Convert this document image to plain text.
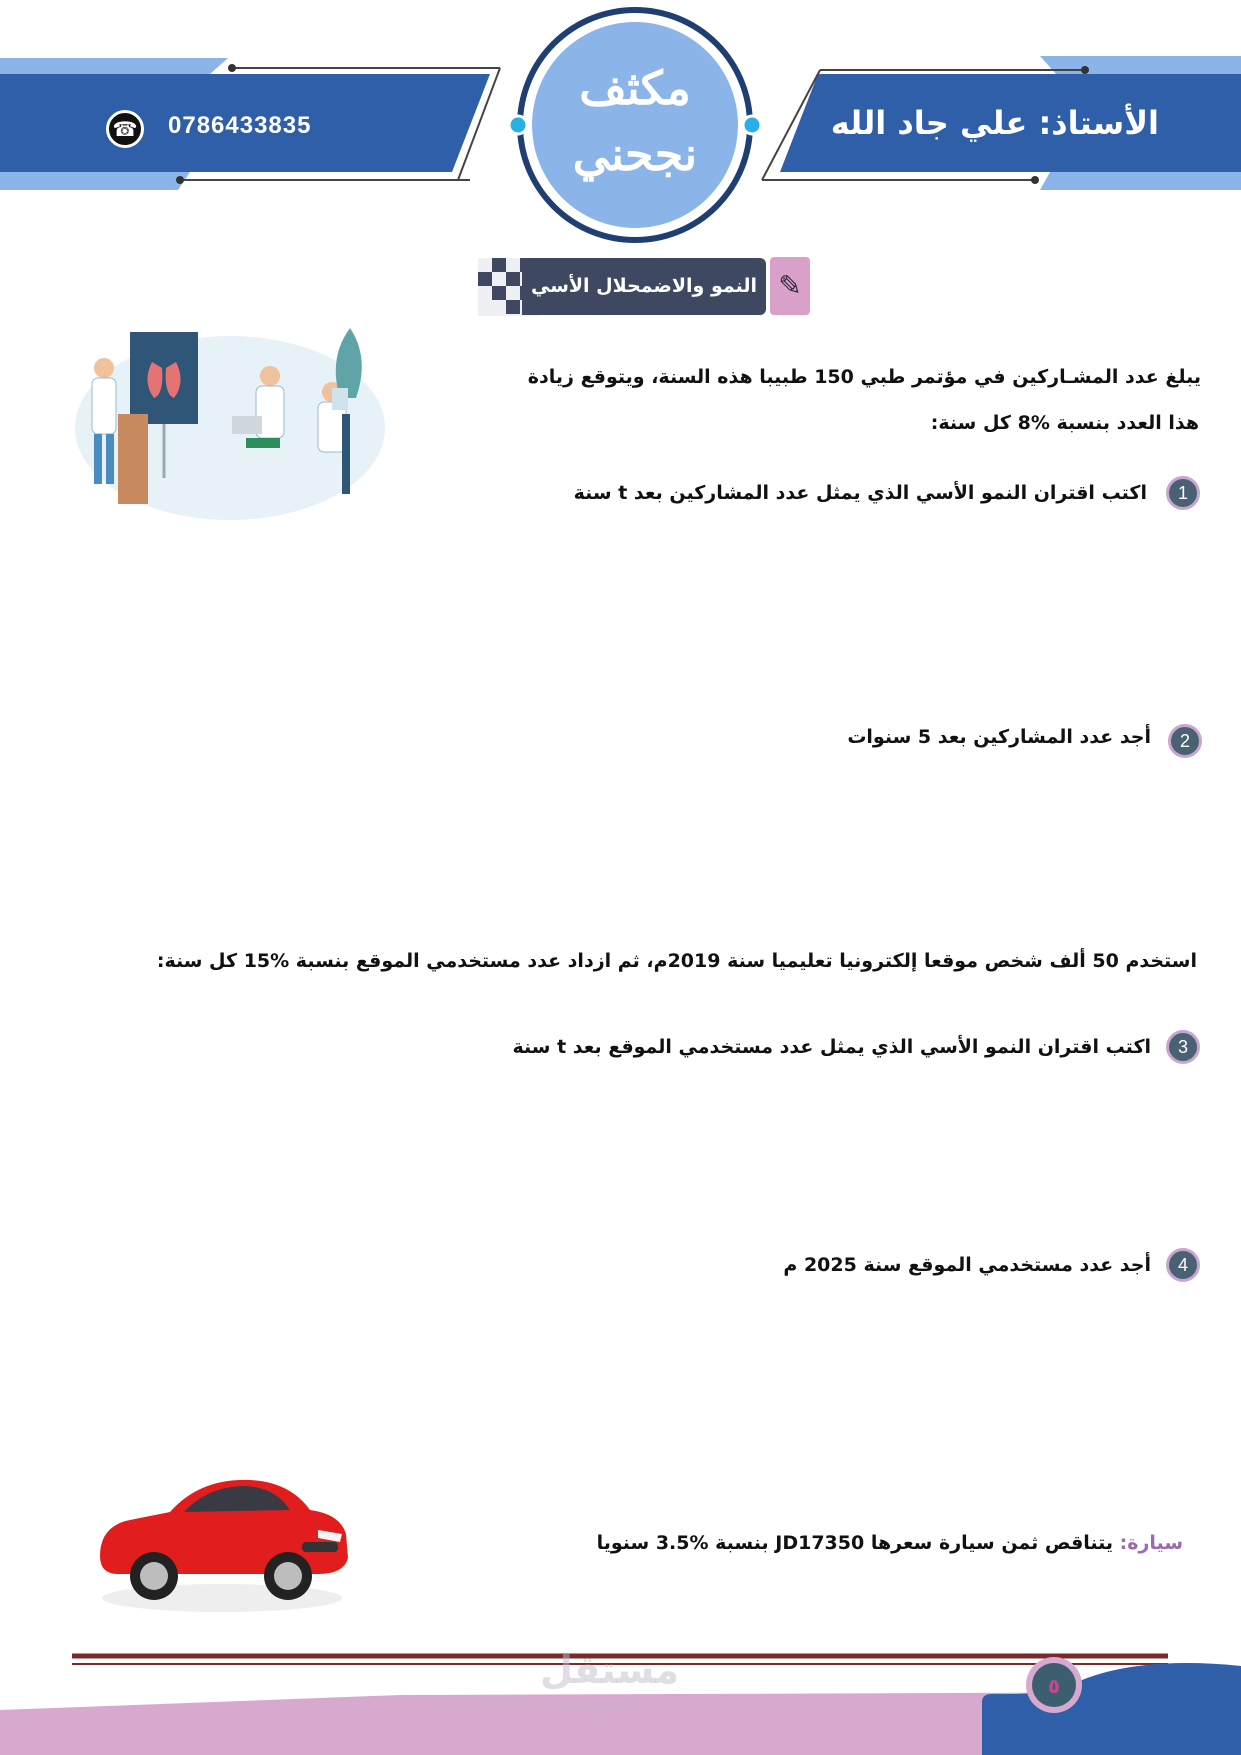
الأستاذ: علي جاد الله
☎ 0786433835
مكثف
نجحني
النمو والاضمحلال الأسي ✎
يبلغ عدد المشـاركين في مؤتمر طبي 150 طبيبا هذه السنة، ويتوقع زيادة
هذا العدد بنسبة %8 كل سنة:
1
اكتب اقتران النمو الأسي الذي يمثل عدد المشاركين بعد t سنة
2
أجد عدد المشاركين بعد 5 سنوات
استخدم 50 ألف شخص موقعا إلكترونيا تعليميا سنة 2019م، ثم ازداد عدد مستخدمي الموقع بنسبة %15 كل سنة:
3
اكتب اقتران النمو الأسي الذي يمثل عدد مستخدمي الموقع بعد t سنة
4
أجد عدد مستخدمي الموقع سنة 2025 م
سيارة: يتناقص ثمن سيارة سعرها JD17350 بنسبة %3.5 سنويا
مستقل
mostaql.com
٥
